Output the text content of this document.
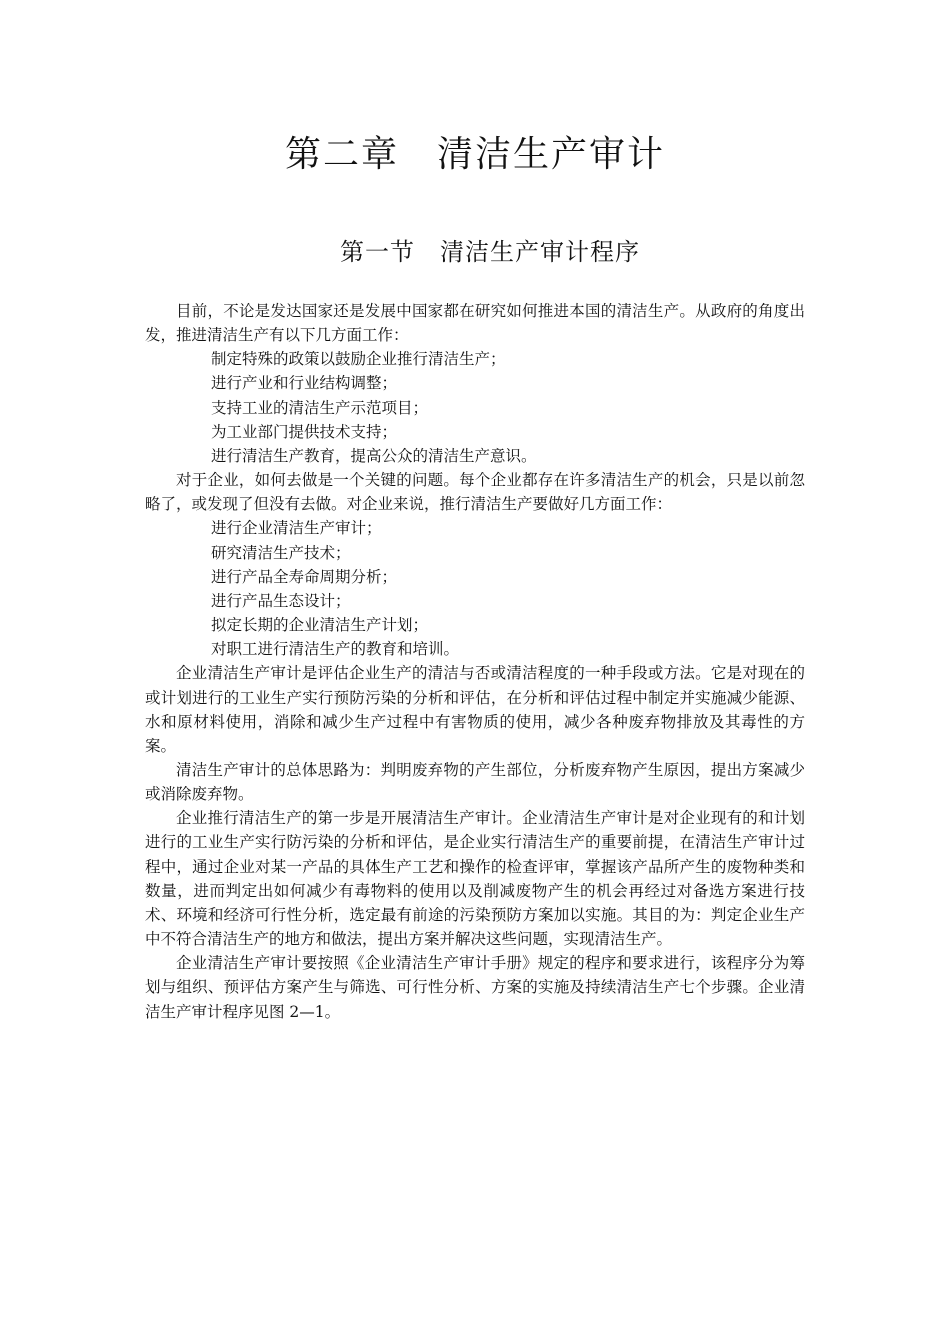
第二章　清洁生产审计
第一节　清洁生产审计程序

目前，不论是发达国家还是发展中国家都在研究如何推进本国的清洁生产。从政府的角度出发，推进清洁生产有以下几方面工作：

制定特殊的政策以鼓励企业推行清洁生产；
进行产业和行业结构调整；
支持工业的清洁生产示范项目；
为工业部门提供技术支持；
进行清洁生产教育，提高公众的清洁生产意识。

对于企业，如何去做是一个关键的问题。每个企业都存在许多清洁生产的机会，只是以前忽略了，或发现了但没有去做。对企业来说，推行清洁生产要做好几方面工作：

进行企业清洁生产审计；
研究清洁生产技术；
进行产品全寿命周期分析；
进行产品生态设计；
拟定长期的企业清洁生产计划；
对职工进行清洁生产的教育和培训。

企业清洁生产审计是评估企业生产的清洁与否或清洁程度的一种手段或方法。它是对现在的或计划进行的工业生产实行预防污染的分析和评估，在分析和评估过程中制定并实施减少能源、水和原材料使用，消除和减少生产过程中有害物质的使用，减少各种废弃物排放及其毒性的方案。

清洁生产审计的总体思路为：判明废弃物的产生部位，分析废弃物产生原因，提出方案减少或消除废弃物。

企业推行清洁生产的第一步是开展清洁生产审计。企业清洁生产审计是对企业现有的和计划进行的工业生产实行防污染的分析和评估，是企业实行清洁生产的重要前提，在清洁生产审计过程中，通过企业对某一产品的具体生产工艺和操作的检查评审，掌握该产品所产生的废物种类和数量，进而判定出如何减少有毒物料的使用以及削减废物产生的机会再经过对备选方案进行技术、环境和经济可行性分析，选定最有前途的污染预防方案加以实施。其目的为：判定企业生产中不符合清洁生产的地方和做法，提出方案并解决这些问题，实现清洁生产。

企业清洁生产审计要按照《企业清洁生产审计手册》规定的程序和要求进行，该程序分为筹划与组织、预评估方案产生与筛选、可行性分析、方案的实施及持续清洁生产七个步骤。企业清洁生产审计程序见图 2—1。
